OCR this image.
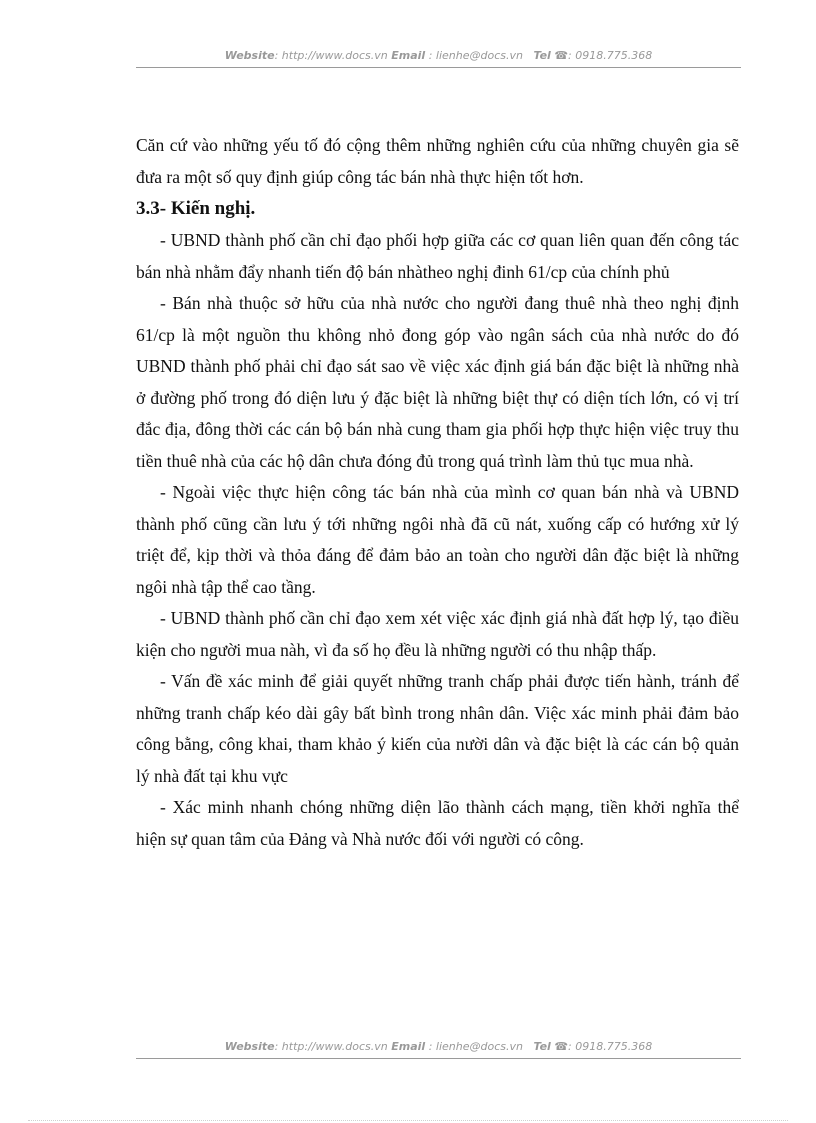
Website: http://www.docs.vn Email : lienhe@docs.vn Tel ☎: 0918.775.368

Căn cứ vào những yếu tố đó cộng thêm những nghiên cứu của những chuyên gia sẽ đưa ra một số quy định giúp công tác bán nhà thực hiện tốt hơn.

3.3- Kiến nghị.

- UBND thành phố cần chỉ đạo phối hợp giữa các cơ quan liên quan đến công tác bán nhà nhằm đẩy nhanh tiến độ bán nhàtheo nghị đinh 61/cp của chính phủ

- Bán nhà thuộc sở hữu của nhà nước cho người đang thuê nhà theo nghị định 61/cp là một nguồn thu không nhỏ đong góp vào ngân sách của nhà nước do đó UBND thành phố phải chỉ đạo sát sao về việc xác định giá bán đặc biệt là những nhà ở đường phố trong đó diện lưu ý đặc biệt là những biệt thự có diện tích lớn, có vị trí đắc địa, đông thời các cán bộ bán nhà cung tham gia phối hợp thực hiện việc truy thu tiền thuê nhà của các hộ dân chưa đóng đủ trong quá trình làm thủ tục mua nhà.

- Ngoài việc thực hiện công tác bán nhà của mình cơ quan bán nhà và UBND thành phố cũng cần lưu ý tới những ngôi nhà đã cũ nát, xuống cấp có hướng xử lý triệt để, kịp thời và thỏa đáng để đảm bảo an toàn cho người dân đặc biệt là những ngôi nhà tập thể cao tầng.

- UBND thành phố cần chỉ đạo xem xét việc xác định giá nhà đất hợp lý, tạo điều kiện cho người mua nàh, vì đa số họ đều là những người có thu nhập thấp.

- Vấn đề xác minh để giải quyết những tranh chấp phải được tiến hành, tránh để những tranh chấp kéo dài gây bất bình trong nhân dân. Việc xác minh phải đảm bảo công bằng, công khai, tham khảo ý kiến của nười dân và đặc biệt là các cán bộ quản lý nhà đất tại khu vực

- Xác minh nhanh chóng những diện lão thành cách mạng, tiền khởi nghĩa thể hiện sự quan tâm của Đảng và Nhà nước đối với người có công.

Website: http://www.docs.vn Email : lienhe@docs.vn Tel ☎: 0918.775.368
